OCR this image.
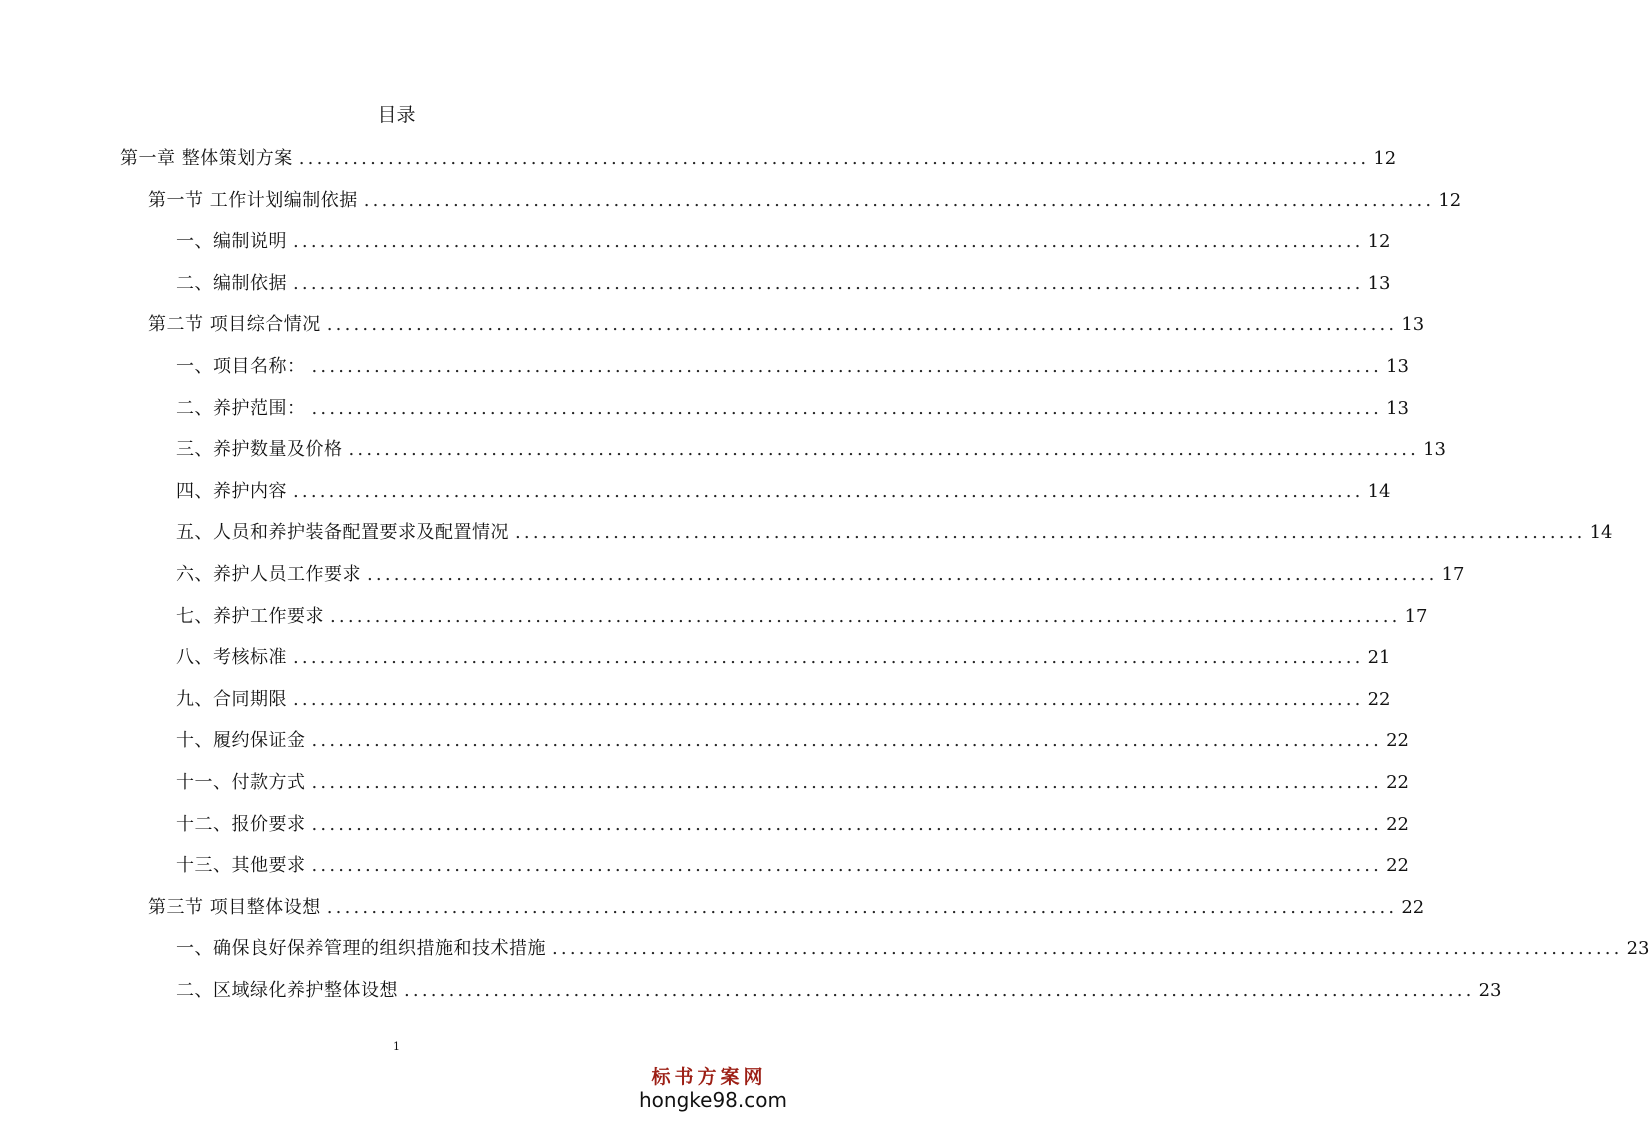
目录
第一章 整体策划方案 ........................................................................................................................ 12
第一节 工作计划编制依据 ........................................................................................................................ 12
一、编制说明 ........................................................................................................................ 12
二、编制依据 ........................................................................................................................ 13
第二节 项目综合情况 ........................................................................................................................ 13
一、项目名称： ........................................................................................................................ 13
二、养护范围： ........................................................................................................................ 13
三、养护数量及价格 ........................................................................................................................ 13
四、养护内容 ........................................................................................................................ 14
五、人员和养护装备配置要求及配置情况 ........................................................................................................................ 14
六、养护人员工作要求 ........................................................................................................................ 17
七、养护工作要求 ........................................................................................................................ 17
八、考核标准 ........................................................................................................................ 21
九、合同期限 ........................................................................................................................ 22
十、履约保证金 ........................................................................................................................ 22
十一、付款方式 ........................................................................................................................ 22
十二、报价要求 ........................................................................................................................ 22
十三、其他要求 ........................................................................................................................ 22
第三节 项目整体设想 ........................................................................................................................ 22
一、确保良好保养管理的组织措施和技术措施 ........................................................................................................................ 23
二、区域绿化养护整体设想 ........................................................................................................................ 23
1
标书方案网
hongke98.com
